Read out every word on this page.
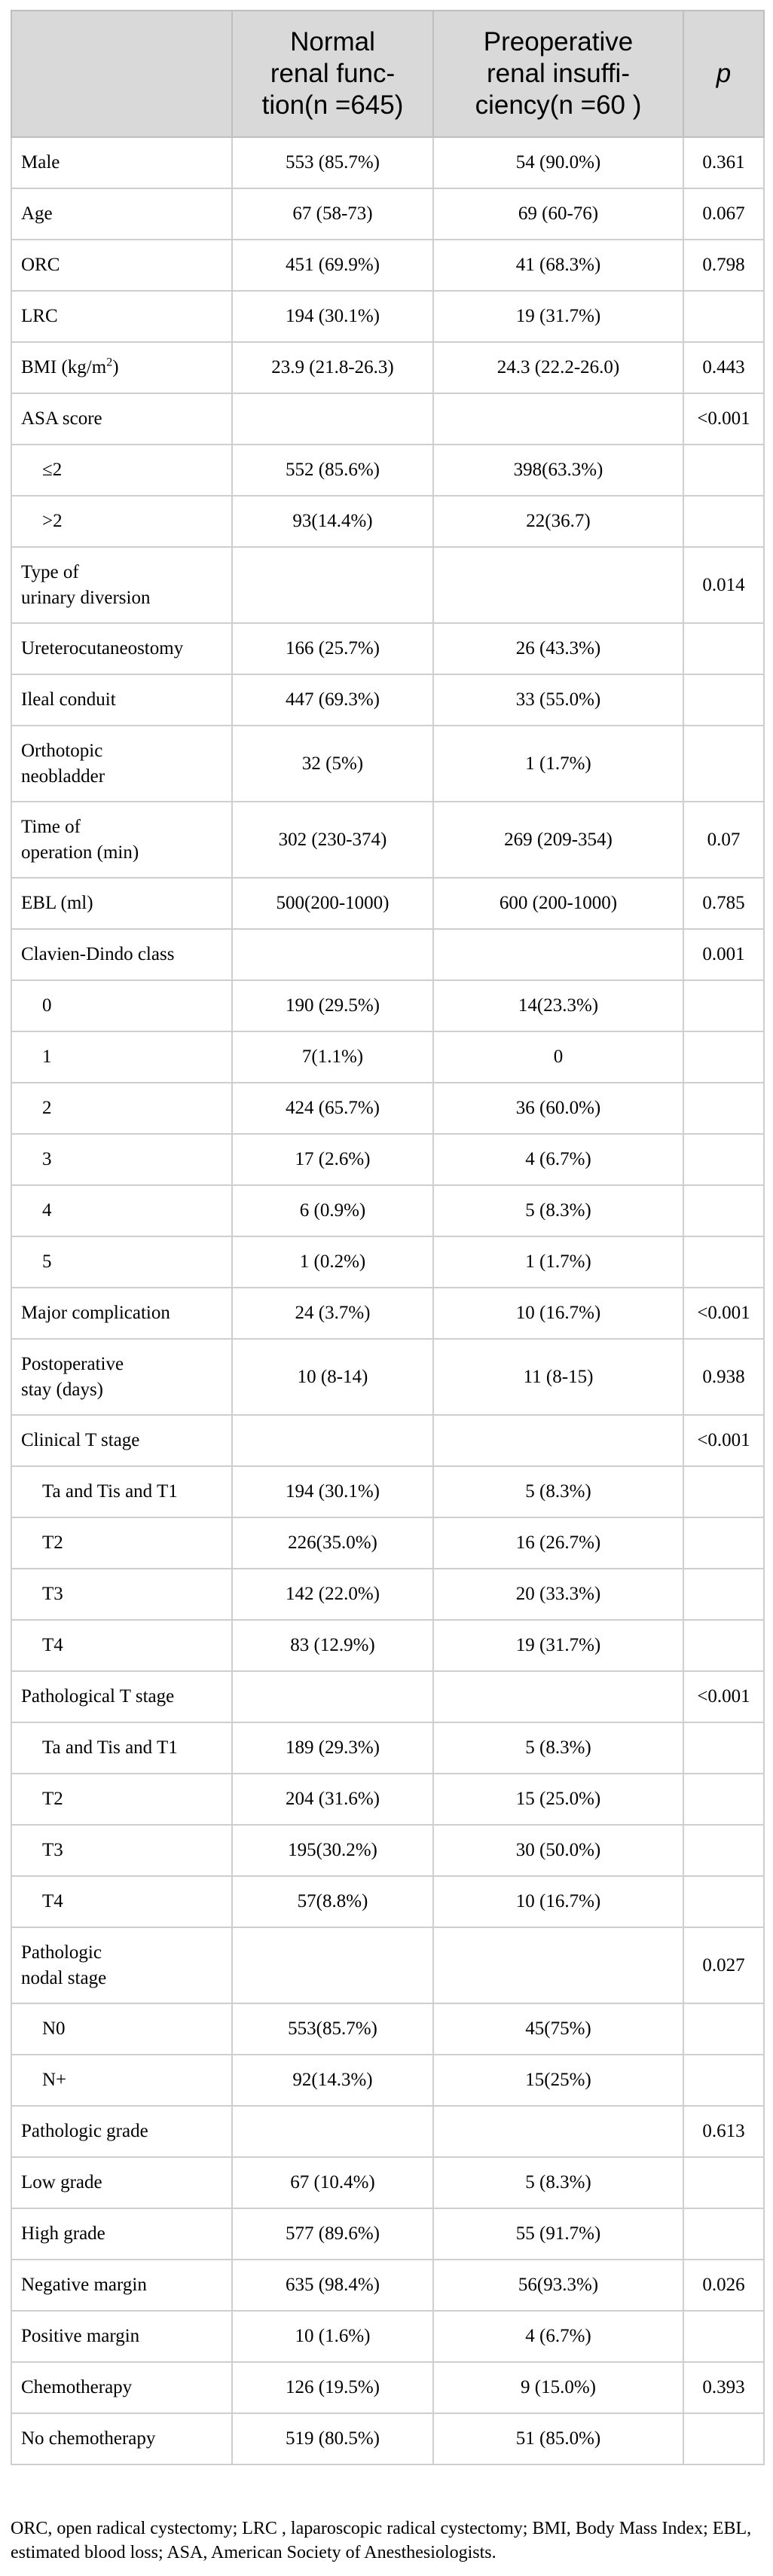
	Normal
renal func-
tion(n =645)	Preoperative
renal insuffi-
ciency(n =60 )	p
Male	553 (85.7%)	54 (90.0%)	0.361
Age	67 (58-73)	69 (60-76)	0.067
ORC	451 (69.9%)	41 (68.3%)	0.798
LRC	194 (30.1%)	19 (31.7%)	
BMI $(kg/m^2)$	23.9 (21.8-26.3)	24.3 (22.2-26.0)	0.443
ASA score			<0.001
≤2	552 (85.6%)	398(63.3%)	
>2	93(14.4%)	22(36.7)	
Type of
urinary diversion			0.014
Ureterocutaneostomy	166 (25.7%)	26 (43.3%)	
Ileal conduit	447 (69.3%)	33 (55.0%)	
Orthotopic
neobladder	32 (5%)	1 (1.7%)	
Time of
operation (min)	302 (230-374)	269 (209-354)	0.07
EBL (ml)	500(200-1000)	600 (200-1000)	0.785
Clavien-Dindo class			0.001
0	190 (29.5%)	14(23.3%)	
1	7(1.1%)	0	
2	424 (65.7%)	36 (60.0%)	
3	17 (2.6%)	4 (6.7%)	
4	6 (0.9%)	5 (8.3%)	
5	1 (0.2%)	1 (1.7%)	
Major complication	24 (3.7%)	10 (16.7%)	<0.001
Postoperative
stay (days)	10 (8-14)	11 (8-15)	0.938
Clinical T stage			<0.001
Ta and Tis and T1	194 (30.1%)	5 (8.3%)	
T2	226(35.0%)	16 (26.7%)	
T3	142 (22.0%)	20 (33.3%)	
T4	83 (12.9%)	19 (31.7%)	
Pathological T stage			<0.001
Ta and Tis and T1	189 (29.3%)	5 (8.3%)	
T2	204 (31.6%)	15 (25.0%)	
T3	195(30.2%)	30 (50.0%)	
T4	57(8.8%)	10 (16.7%)	
Pathologic
nodal stage			0.027
N0	553(85.7%)	45(75%)	
N+	92(14.3%)	15(25%)	
Pathologic grade			0.613
Low grade	67 (10.4%)	5 (8.3%)	
High grade	577 (89.6%)	55 (91.7%)	
Negative margin	635 (98.4%)	56(93.3%)	0.026
Positive margin	10 (1.6%)	4 (6.7%)	
Chemotherapy	126 (19.5%)	9 (15.0%)	0.393
No chemotherapy	519 (80.5%)	51 (85.0%)	
ORC, open radical cystectomy; LRC , laparoscopic radical cystectomy; BMI, Body Mass Index; EBL, estimated blood loss; ASA, American Society of Anesthesiologists.
